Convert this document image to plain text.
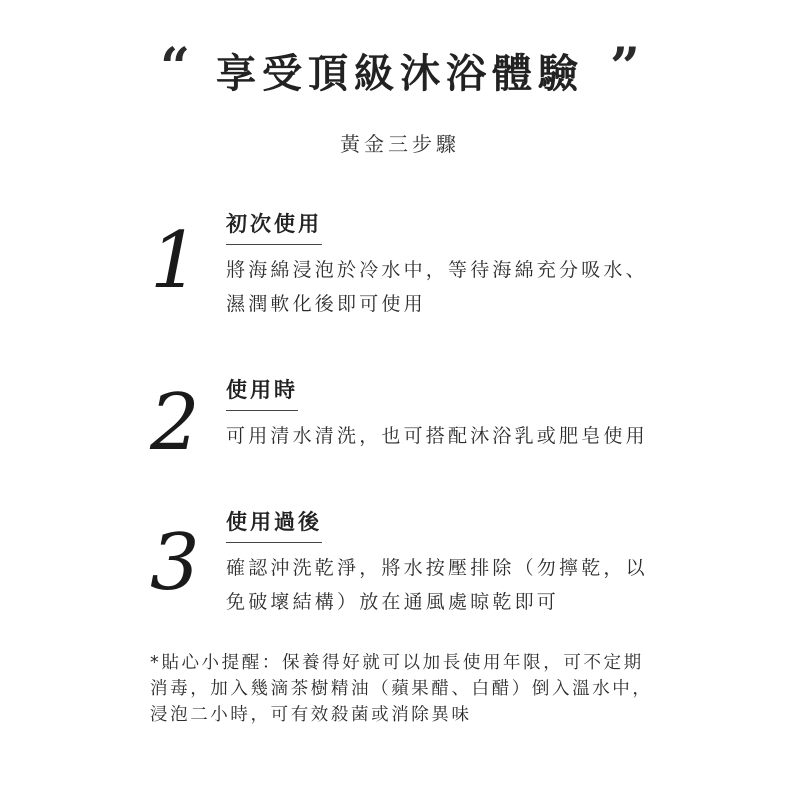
“ 享受頂級沐浴體驗 ”
黃金三步驟
1 初次使用
將海綿浸泡於冷水中，等待海綿充分吸水、
濕潤軟化後即可使用
2 使用時
可用清水清洗，也可搭配沐浴乳或肥皂使用
3 使用過後
確認沖洗乾淨，將水按壓排除（勿擰乾，以
免破壞結構）放在通風處晾乾即可
*貼心小提醒：保養得好就可以加長使用年限，可不定期
消毒，加入幾滴茶樹精油（蘋果醋、白醋）倒入溫水中，
浸泡二小時，可有效殺菌或消除異味
